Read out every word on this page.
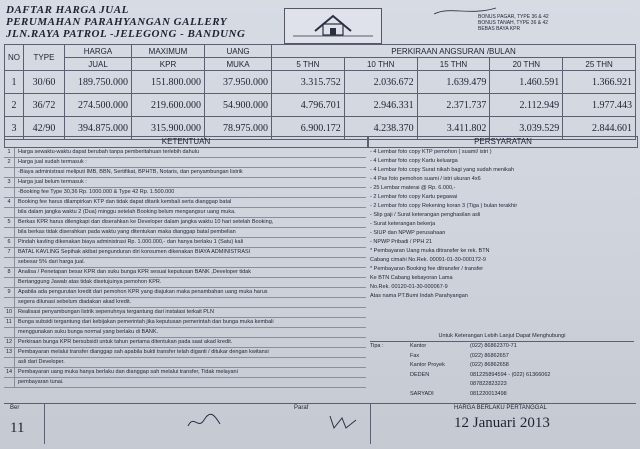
DAFTAR HARGA JUAL
PERUMAHAN PARAHYANGAN GALLERY
JLN.RAYA PATROL -JELEGONG - BANDUNG
BONUS PAGAR, TYPE 36 & 42
BONUS TANAH, TYPE 36 & 42
BEBAS BAYA KPR
NO	TYPE	HARGA	MAXIMUM	UANG	PERKIRAAN ANGSURAN /BULAN				
		JUAL	KPR	MUKA	5 THN	10 THN	15 THN	20 THN	25 THN
1	30/60	189.750.000	151.800.000	37.950.000	3.315.752	2.036.672	1.639.479	1.460.591	1.366.921
2	36/72	274.500.000	219.600.000	54.900.000	4.796.701	2.946.331	2.371.737	2.112.949	1.977.443
3	42/90	394.875.000	315.900.000	78.975.000	6.900.172	4.238.370	3.411.802	3.039.529	2.844.601
KETENTUAN	PERSYARATAN
1	Harga sewaktu-waktu dapat berubah tanpa pemberitahuan terlebih dahulu
2	Harga jual sudah termasuk :
-Biaya administrasi meliputi IMB, BBN, Sertifikat, BPHTB, Notaris, dan penyambungan listrik
3	Harga jual belum termasuk :
-Booking fee Type 30,36 Rp. 1000.000 & Type 42 Rp. 1.500.000
4	Booking fee harus dilampirkan KTP dan tidak dapat ditarik kembali serta dianggap batal
bila dalam jangka waktu 2 (Dua) minggu setelah Booking belum mengangsur uang muka.
5	Berkas KPR harus dilengkapi dan diserahkan ke Developer dalam jangka waktu 10 hari setelah Booking,
bila berkas tidak diserahkan pada waktu yang ditentukan maka dianggap batal pembelian
6	Pindah kavling dikenakan biaya administrasi Rp. 1.000.000,- dan hanya berlaku 1 (Satu) kali
7	BATAL KAVLING Sepihak akibat pengunduran diri konsumen dikenakan BIAYA ADMINISTRASI
sebesar 5% dari harga jual.
8	Analisa / Penetapan besar KPR dan suku bunga KPR sesuai keputusan BANK ,Developer tidak
Bertanggung Jawab atas tidak disetujuinya pemohon KPR.
9	Apabila ada pengurutan kredit dari pemohon KPR yang diajukan maka penambahan uang muka harus
segera dilunasi sebelum diadakan akad kredit.
10	Realisasi penyambungan listrik sepenuhnya tergantung dari instalasi terkait PLN
11	Bunga subsidi tergantung dari kebijakan pemerintah jika keputusan pemerintah dan bunga muka kembali
menggunakan suku bunga normal yang berlaku di BANK.
12	Perkiraan bunga KPR bersubsidi untuk tahun pertama ditentukan pada saat akad kredit.
13	Pembayaran melalui transfer dianggap sah apabila bukti transfer telah diganti / ditukar dengan kwitansi
asli dari Developer.
14	Pembayaran uang muka hanya berlaku dan dianggap sah melalui transfer, Tidak melayani
pembayaran tunai.
- 4 Lembar foto copy KTP pemohon ( suami/ istri )
- 4 Lembar foto copy Kartu keluarga
- 4 Lembar foto copy Surat nikah bagi yang sudah menikah
- 4 Pas foto pemohon suami / istri ukuran 4x6
- 25 Lembar materai @ Rp. 6.000,-
- 2 Lembar foto copy Kartu pegawai
- 2 Lembar foto copy Rekening koran 3 (Tiga ) bulan terakhir
- Slip gaji / Surat keterangan penghasilan asli
- Surat keterangan bekerja
- SIUP dan NPWP perusahaan
- NPWP Pribadi / PPH 21
* Pembayaran Uang muka ditransfer ke rek. BTN
Cabang cimahi No.Rek. 00091-01-30-000172-9
* Pembayaran Booking fee ditransfer / transfer
Ke BTN Cabang kebayoran Lama
No.Rek. 00120-01-30-000067-9
Atas nama PT.Bumi Indah Parahyangan
Untuk Keterangan Lebih Lanjut Dapat Menghubungi
Tipa :	Kantor	(022) 86862370-71
Fax	(022) 86862657
Kantor Proyek	(022) 86862658
DEDEN	081225894594 - (022) 61366062
087822823223
SARYADI	081220013498
Ber	Paraf	HARGA BERLAKU PERTANGGAL
11	12 Januari 2013
